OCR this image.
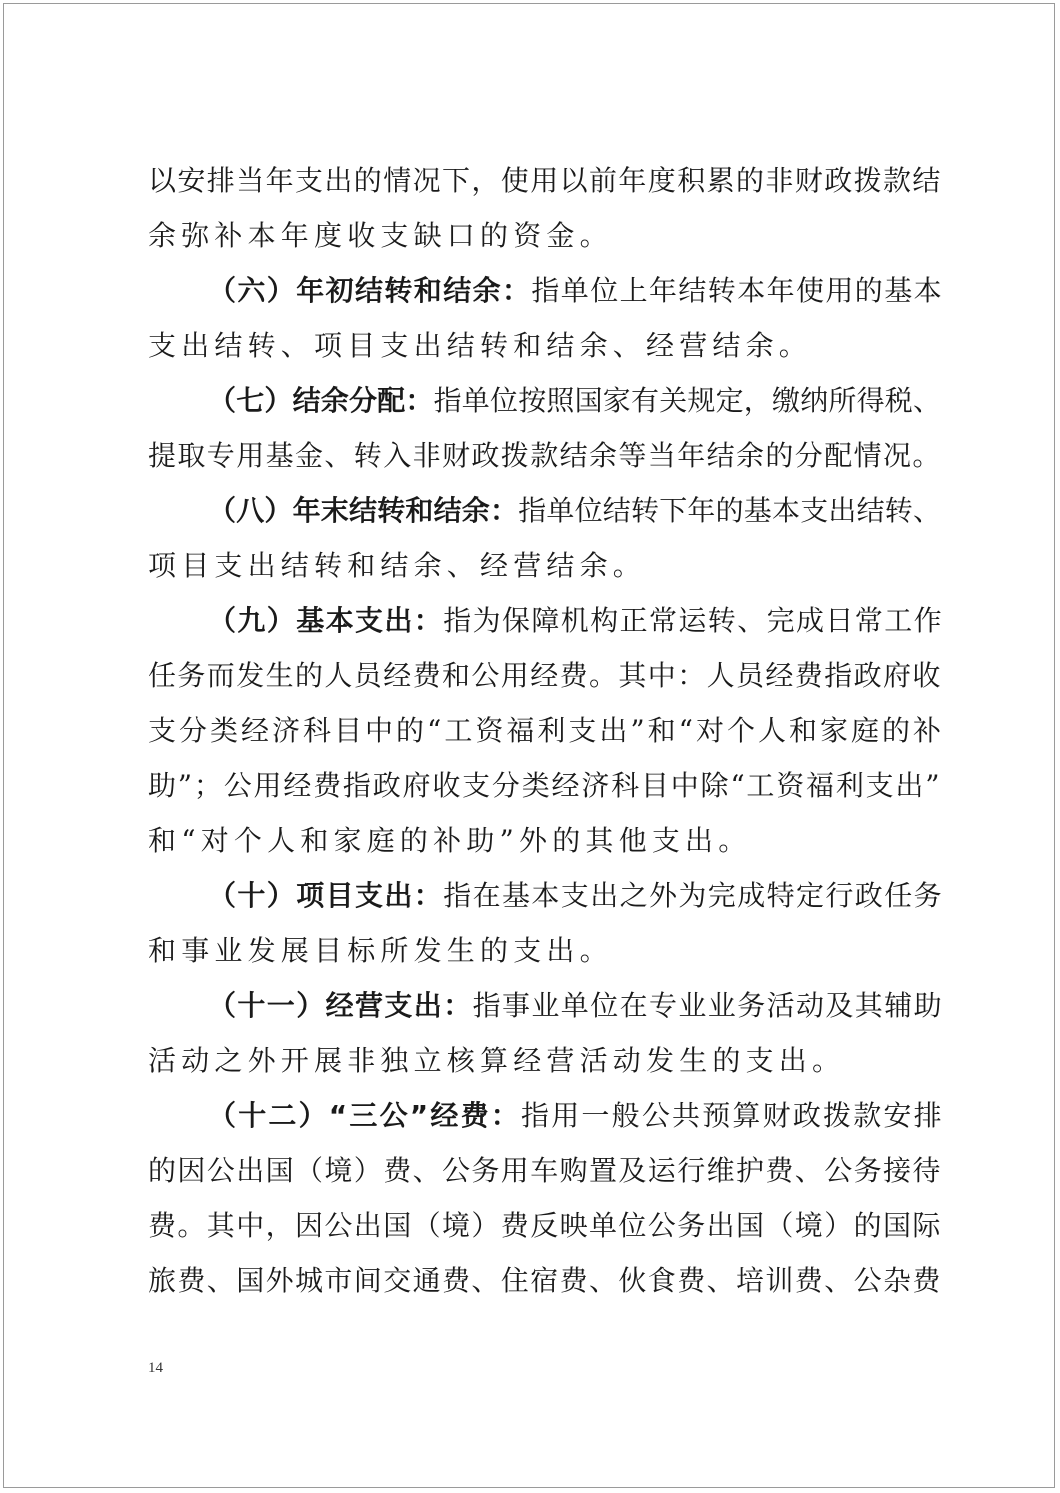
以安排当年支出的情况下，使用以前年度积累的非财政拨款结
余弥补本年度收支缺口的资金。
（六）年初结转和结余：指单位上年结转本年使用的基本
支出结转、项目支出结转和结余、经营结余。
（七）结余分配：指单位按照国家有关规定，缴纳所得税、
提取专用基金、转入非财政拨款结余等当年结余的分配情况。
（八）年末结转和结余：指单位结转下年的基本支出结转、
项目支出结转和结余、经营结余。
（九）基本支出：指为保障机构正常运转、完成日常工作
任务而发生的人员经费和公用经费。其中：人员经费指政府收
支分类经济科目中的“工资福利支出”和“对个人和家庭的补
助”；公用经费指政府收支分类经济科目中除“工资福利支出”
和“对个人和家庭的补助”外的其他支出。
（十）项目支出：指在基本支出之外为完成特定行政任务
和事业发展目标所发生的支出。
（十一）经营支出：指事业单位在专业业务活动及其辅助
活动之外开展非独立核算经营活动发生的支出。
（十二）“三公”经费：指用一般公共预算财政拨款安排
的因公出国（境）费、公务用车购置及运行维护费、公务接待
费。其中，因公出国（境）费反映单位公务出国（境）的国际
旅费、国外城市间交通费、住宿费、伙食费、培训费、公杂费
14
